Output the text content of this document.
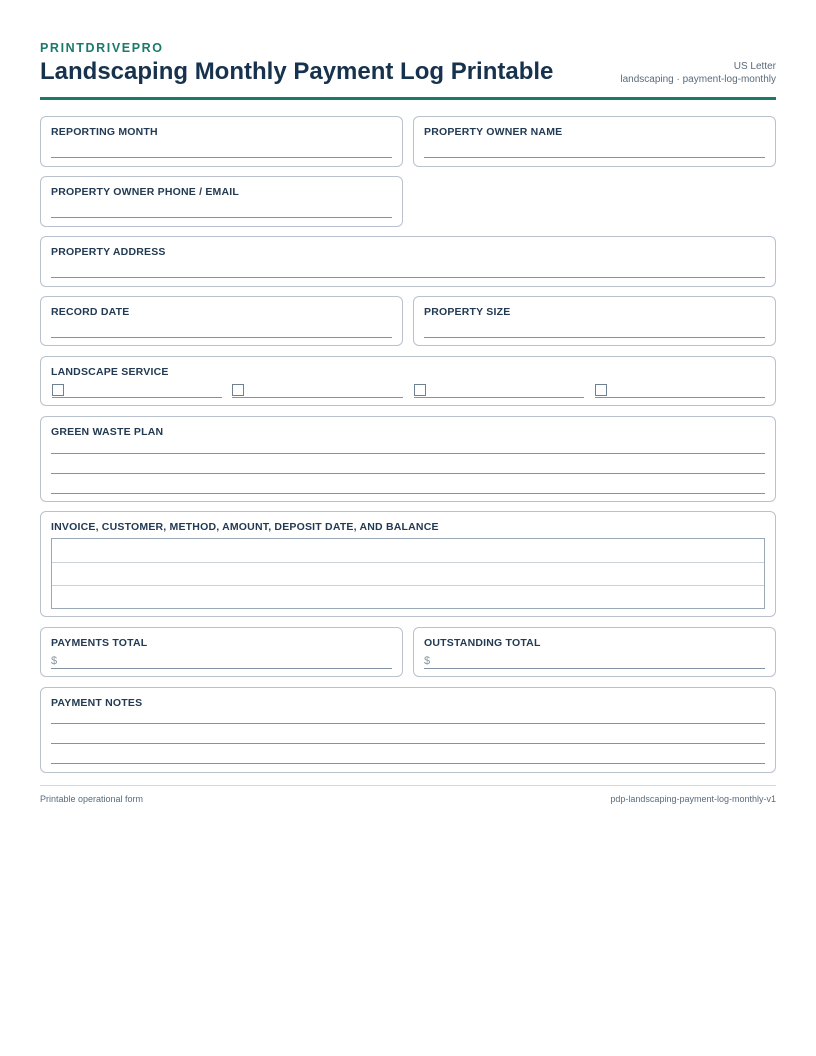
PRINTDRIVEPRO
Landscaping Monthly Payment Log Printable	US Letter
landscaping · payment-log-monthly
REPORTING MONTH	PROPERTY OWNER NAME
PROPERTY OWNER PHONE / EMAIL
PROPERTY ADDRESS
RECORD DATE	PROPERTY SIZE
LANDSCAPE SERVICE
GREEN WASTE PLAN
INVOICE, CUSTOMER, METHOD, AMOUNT, DEPOSIT DATE, AND BALANCE
PAYMENTS TOTAL
$
OUTSTANDING TOTAL
$
PAYMENT NOTES
Printable operational form	pdp-landscaping-payment-log-monthly-v1
